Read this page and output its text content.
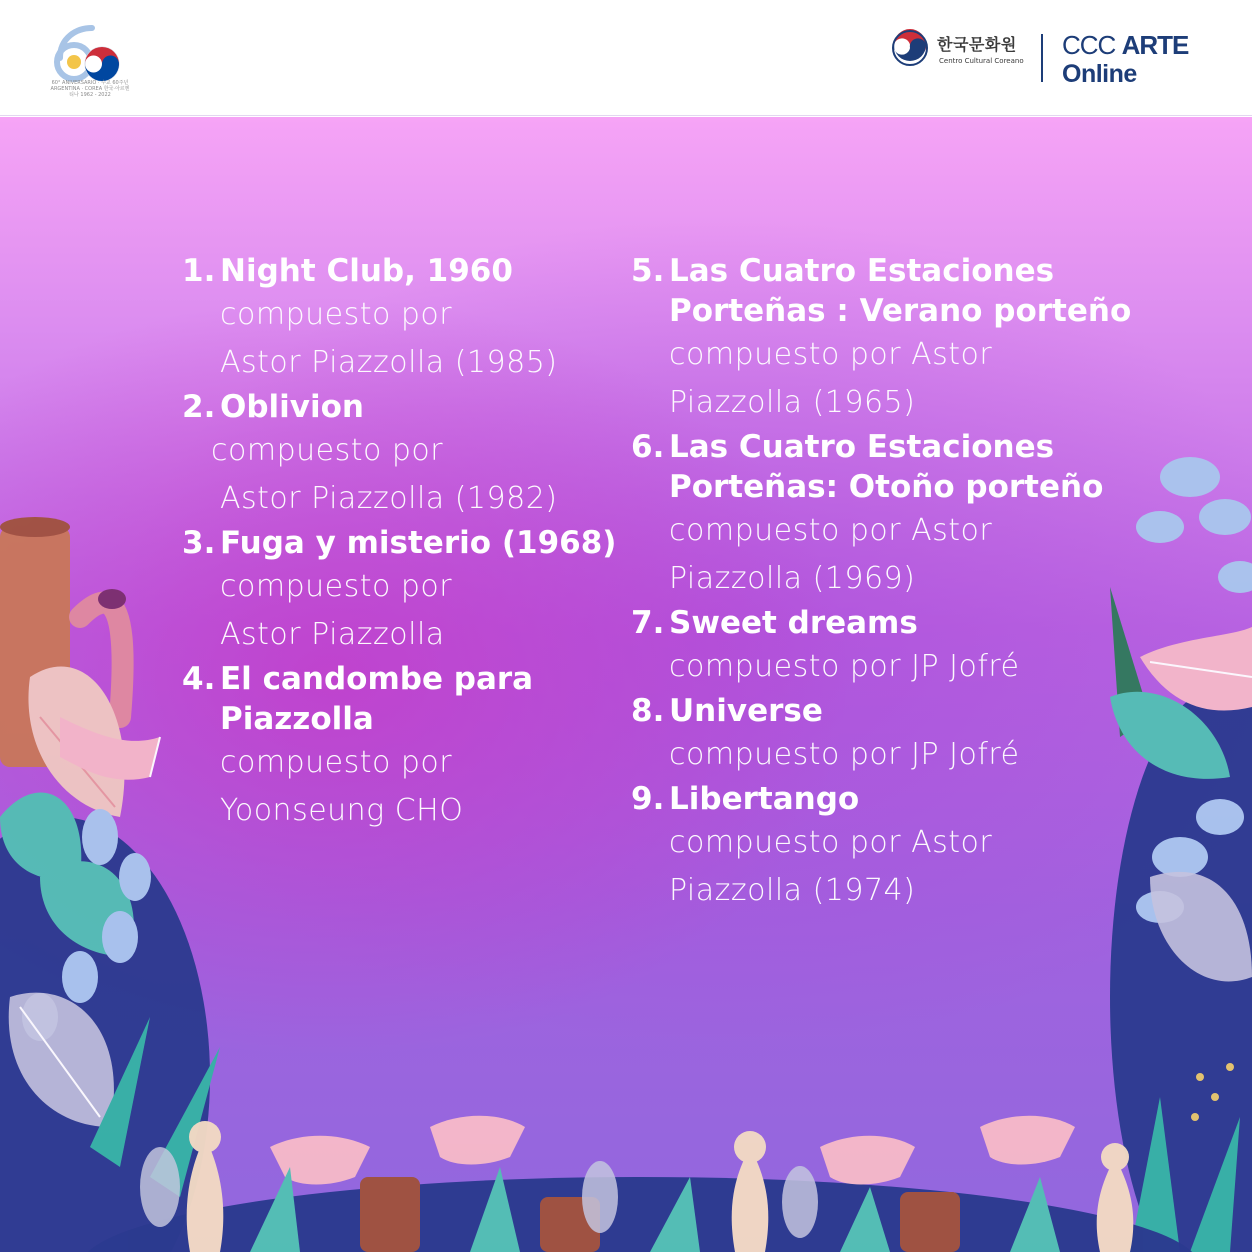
60° ANIVERSARIO · 수교 60주년 ARGENTINA · COREA 한국·아르헨티나 1962 - 2022
한국문화원
Centro Cultural Coreano
CCC ARTE
Online
1. Night Club, 1960
compuesto por
Astor Piazzolla (1985)
2. Oblivion
compuesto por
Astor Piazzolla (1982)
3. Fuga y misterio (1968)
compuesto por
Astor Piazzolla
4. El candombe para
Piazzolla
compuesto por
Yoonseung CHO
5. Las Cuatro Estaciones
Porteñas : Verano porteño
compuesto por Astor
Piazzolla (1965)
6. Las Cuatro Estaciones
Porteñas: Otoño porteño
compuesto por Astor
Piazzolla (1969)
7. Sweet dreams
compuesto por JP Jofré
8. Universe
compuesto por JP Jofré
9. Libertango
compuesto por Astor
Piazzolla (1974)
